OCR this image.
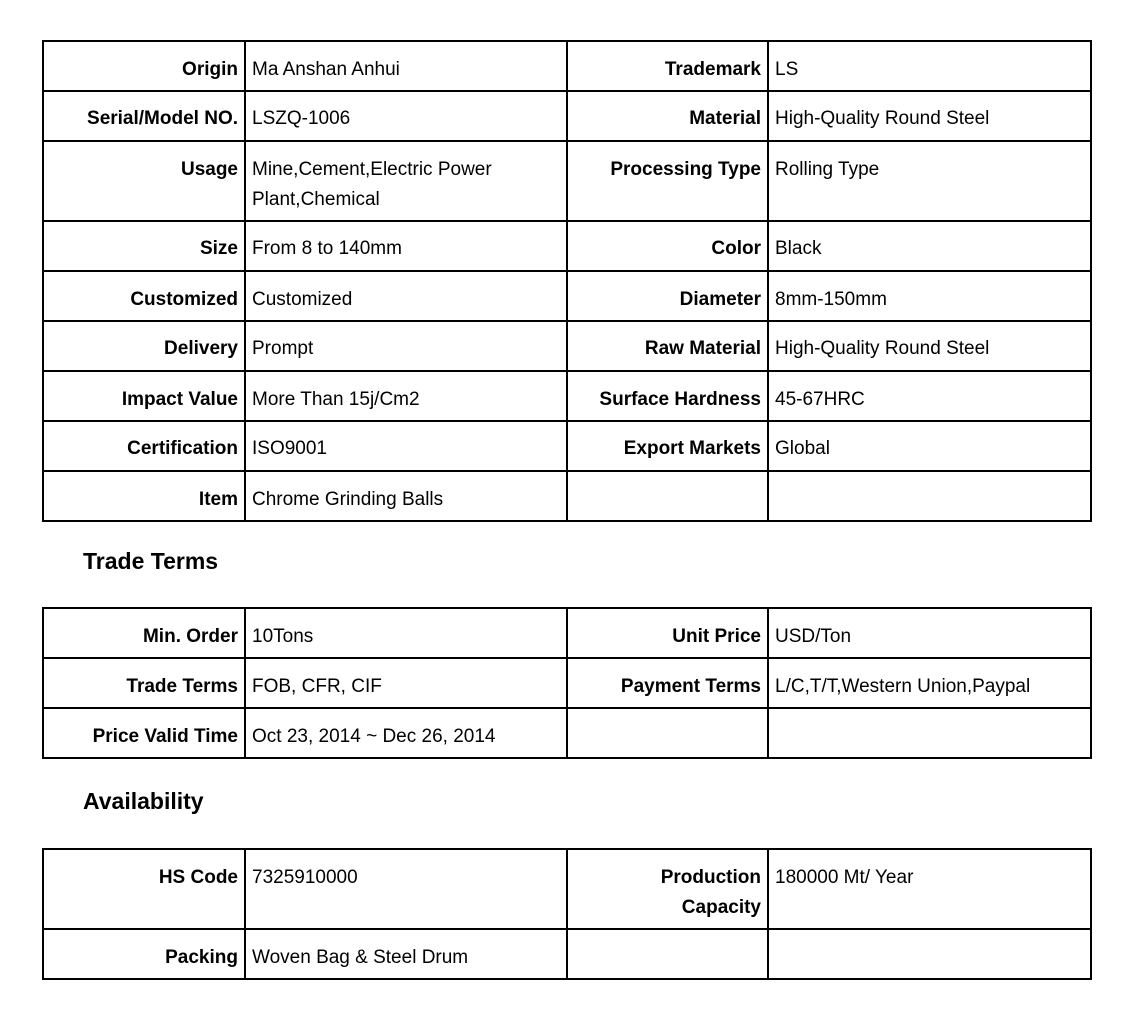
Origin	Ma Anshan Anhui	Trademark	LS
Serial/Model NO.	LSZQ-1006	Material	High-Quality Round Steel
Usage	Mine,Cement,Electric Power Plant,Chemical	Processing Type	Rolling Type
Size	From 8 to 140mm	Color	Black
Customized	Customized	Diameter	8mm-150mm
Delivery	Prompt	Raw Material	High-Quality Round Steel
Impact Value	More Than 15j/Cm2	Surface Hardness	45-67HRC
Certification	ISO9001	Export Markets	Global
Item	Chrome Grinding Balls		
Trade Terms
Min. Order	10Tons	Unit Price	USD/Ton
Trade Terms	FOB, CFR, CIF	Payment Terms	L/C,T/T,Western Union,Paypal
Price Valid Time	Oct 23, 2014 ~ Dec 26, 2014		
Availability
HS Code	7325910000	Production Capacity	180000 Mt/ Year
Packing	Woven Bag & Steel Drum		
